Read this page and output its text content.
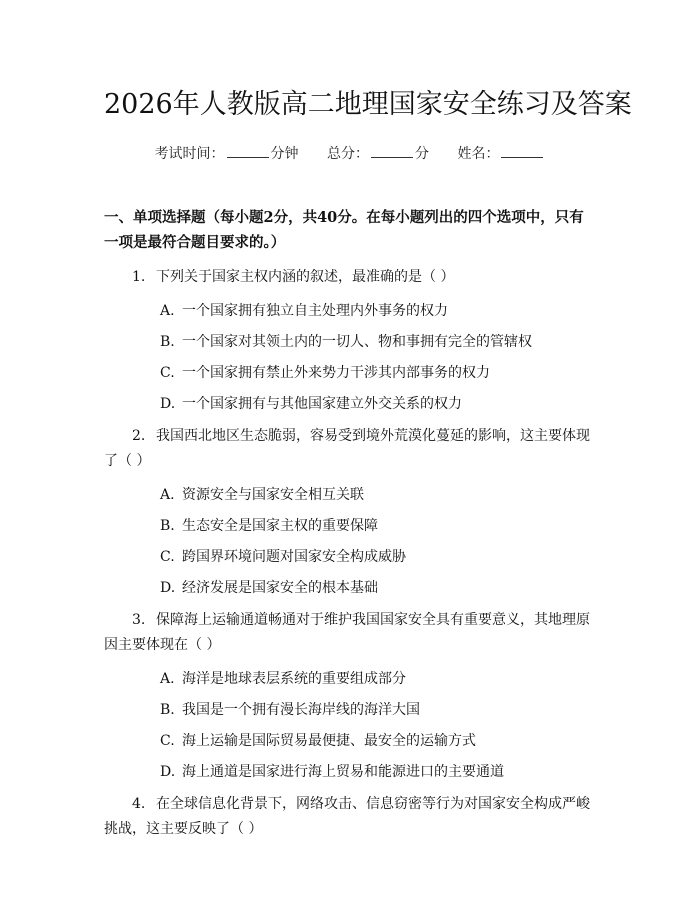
2026年人教版高二地理国家安全练习及答案
考试时间：	分钟 总分：	分 姓名：
一、单项选择题（每小题2分，共40分。在每小题列出的四个选项中，只有一项是最符合题目要求的。）
1. 下列关于国家主权内涵的叙述，最准确的是（ ）
A. 一个国家拥有独立自主处理内外事务的权力
B. 一个国家对其领土内的一切人、物和事拥有完全的管辖权
C. 一个国家拥有禁止外来势力干涉其内部事务的权力
D. 一个国家拥有与其他国家建立外交关系的权力
2. 我国西北地区生态脆弱，容易受到境外荒漠化蔓延的影响，这主要体现了（ ）
A. 资源安全与国家安全相互关联
B. 生态安全是国家主权的重要保障
C. 跨国界环境问题对国家安全构成威胁
D. 经济发展是国家安全的根本基础
3. 保障海上运输通道畅通对于维护我国国家安全具有重要意义，其地理原因主要体现在（ ）
A. 海洋是地球表层系统的重要组成部分
B. 我国是一个拥有漫长海岸线的海洋大国
C. 海上运输是国际贸易最便捷、最安全的运输方式
D. 海上通道是国家进行海上贸易和能源进口的主要通道
4. 在全球信息化背景下，网络攻击、信息窃密等行为对国家安全构成严峻挑战，这主要反映了（ ）
